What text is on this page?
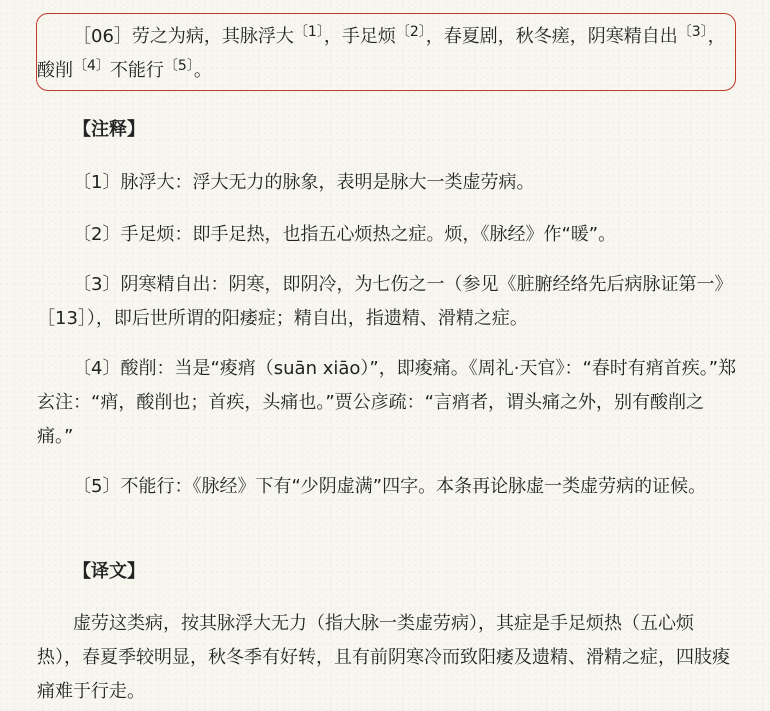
［06］劳之为病，其脉浮大$^{〔1〕}$，手足烦$^{〔2〕}$，春夏剧，秋冬瘥，阴寒精自出$^{〔3〕}$，酸削$^{〔4〕}$不能行$^{〔5〕}$。

【注释】

〔1〕脉浮大：浮大无力的脉象，表明是脉大一类虚劳病。

〔2〕手足烦：即手足热，也指五心烦热之症。烦，《脉经》作“暖”。

〔3〕阴寒精自出：阴寒，即阴冷，为七伤之一（参见《脏腑经络先后病脉证第一》［13］），即后世所谓的阳痿症；精自出，指遗精、滑精之症。

〔4〕酸削：当是“痠痟（suān xiāo）”，即痠痛。《周礼·天官》：“春时有痟首疾。”郑玄注：“痟，酸削也；首疾，头痛也。”贾公彦疏：“言痟者，谓头痛之外，别有酸削之痛。”

〔5〕不能行：《脉经》下有“少阴虚满”四字。本条再论脉虚一类虚劳病的证候。

【译文】

虚劳这类病，按其脉浮大无力（指大脉一类虚劳病），其症是手足烦热（五心烦热），春夏季较明显，秋冬季有好转，且有前阴寒冷而致阳痿及遗精、滑精之症，四肢痠痛难于行走。
